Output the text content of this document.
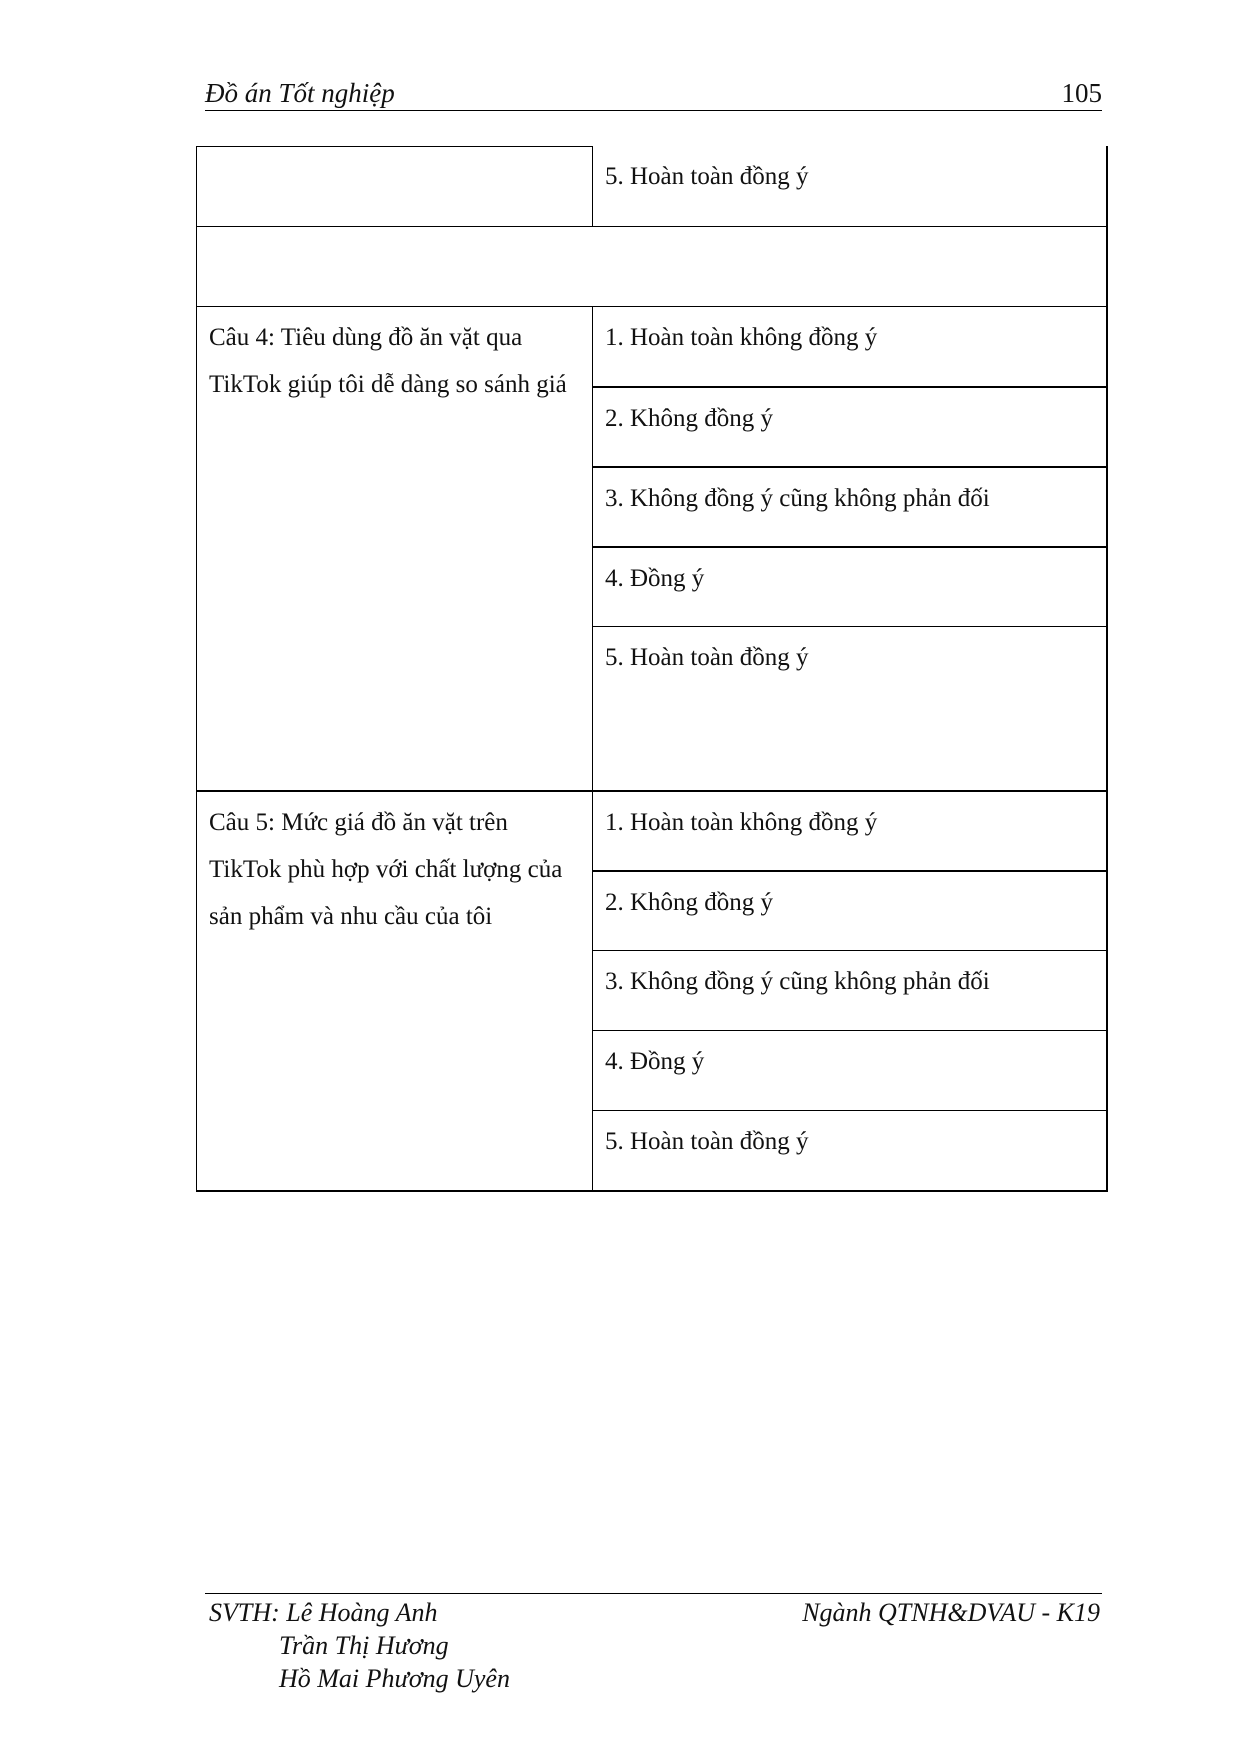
Đồ án Tốt nghiệp	105
5. Hoàn toàn đồng ý
Câu 4: Tiêu dùng đồ ăn vặt qua TikTok giúp tôi dễ dàng so sánh giá
1. Hoàn toàn không đồng ý
2. Không đồng ý
3. Không đồng ý cũng không phản đối
4. Đồng ý
5. Hoàn toàn đồng ý
Câu 5: Mức giá đồ ăn vặt trên TikTok phù hợp với chất lượng của sản phẩm và nhu cầu của tôi
1. Hoàn toàn không đồng ý
2. Không đồng ý
3. Không đồng ý cũng không phản đối
4. Đồng ý
5. Hoàn toàn đồng ý
SVTH: Lê Hoàng Anh
Trần Thị Hương
Hồ Mai Phương Uyên
Ngành QTNH&DVAU - K19
